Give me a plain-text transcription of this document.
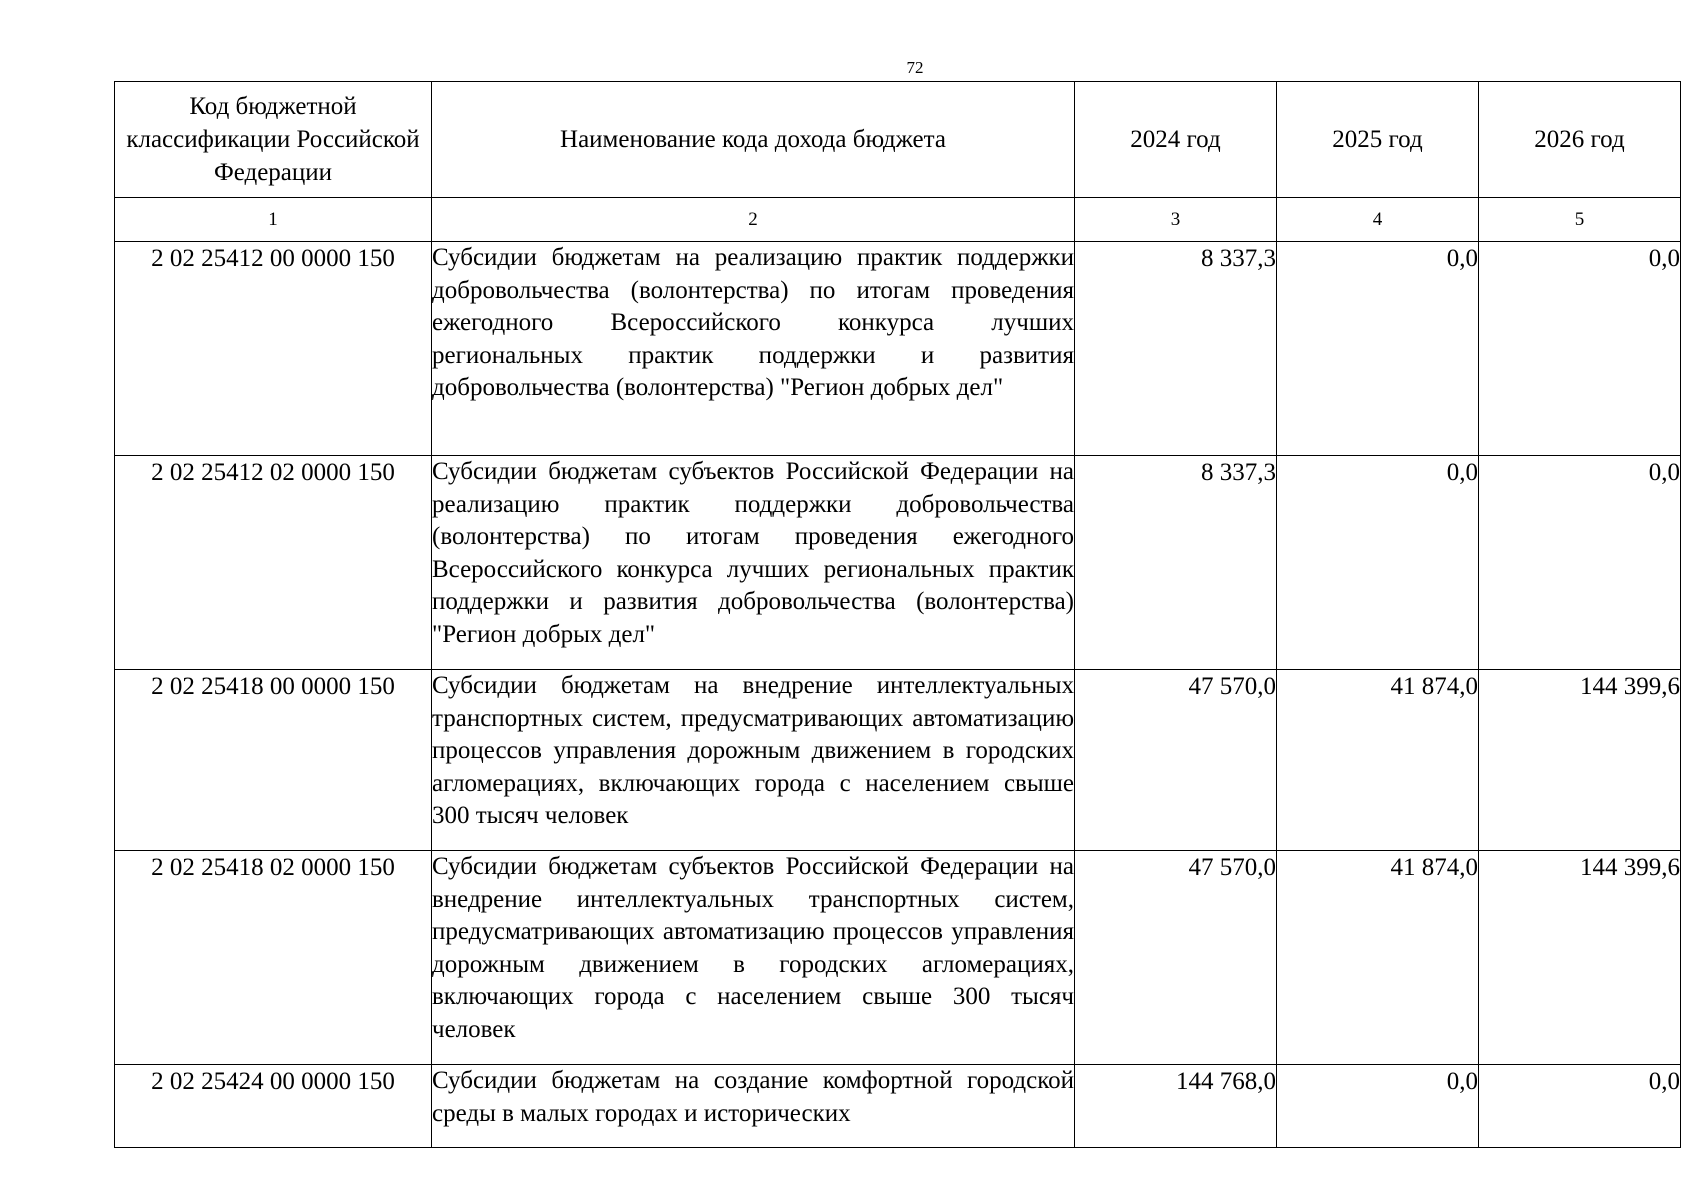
72
Код бюджетной классификации Российской Федерации	Наименование кода дохода бюджета	2024 год	2025 год	2026 год
1	2	3	4	5
2 02 25412 00 0000 150	Субсидии бюджетам на реализацию практик поддержки добровольчества (волонтерства) по итогам проведения ежегодного Всероссийского конкурса лучших региональных практик поддержки и развития добровольчества (волонтерства) "Регион добрых дел"	8 337,3	0,0	0,0
2 02 25412 02 0000 150	Субсидии бюджетам субъектов Российской Федерации на реализацию практик поддержки добровольчества (волонтерства) по итогам проведения ежегодного Всероссийского конкурса лучших региональных практик поддержки и развития добровольчества (волонтерства) "Регион добрых дел"	8 337,3	0,0	0,0
2 02 25418 00 0000 150	Субсидии бюджетам на внедрение интеллектуальных транспортных систем, предусматривающих автоматизацию процессов управления дорожным движением в городских агломерациях, включающих города с населением свыше 300 тысяч человек	47 570,0	41 874,0	144 399,6
2 02 25418 02 0000 150	Субсидии бюджетам субъектов Российской Федерации на внедрение интеллектуальных транспортных систем, предусматривающих автоматизацию процессов управления дорожным движением в городских агломерациях, включающих города с населением свыше 300 тысяч человек	47 570,0	41 874,0	144 399,6
2 02 25424 00 0000 150	Субсидии бюджетам на создание комфортной городской среды в малых городах и исторических	144 768,0	0,0	0,0
